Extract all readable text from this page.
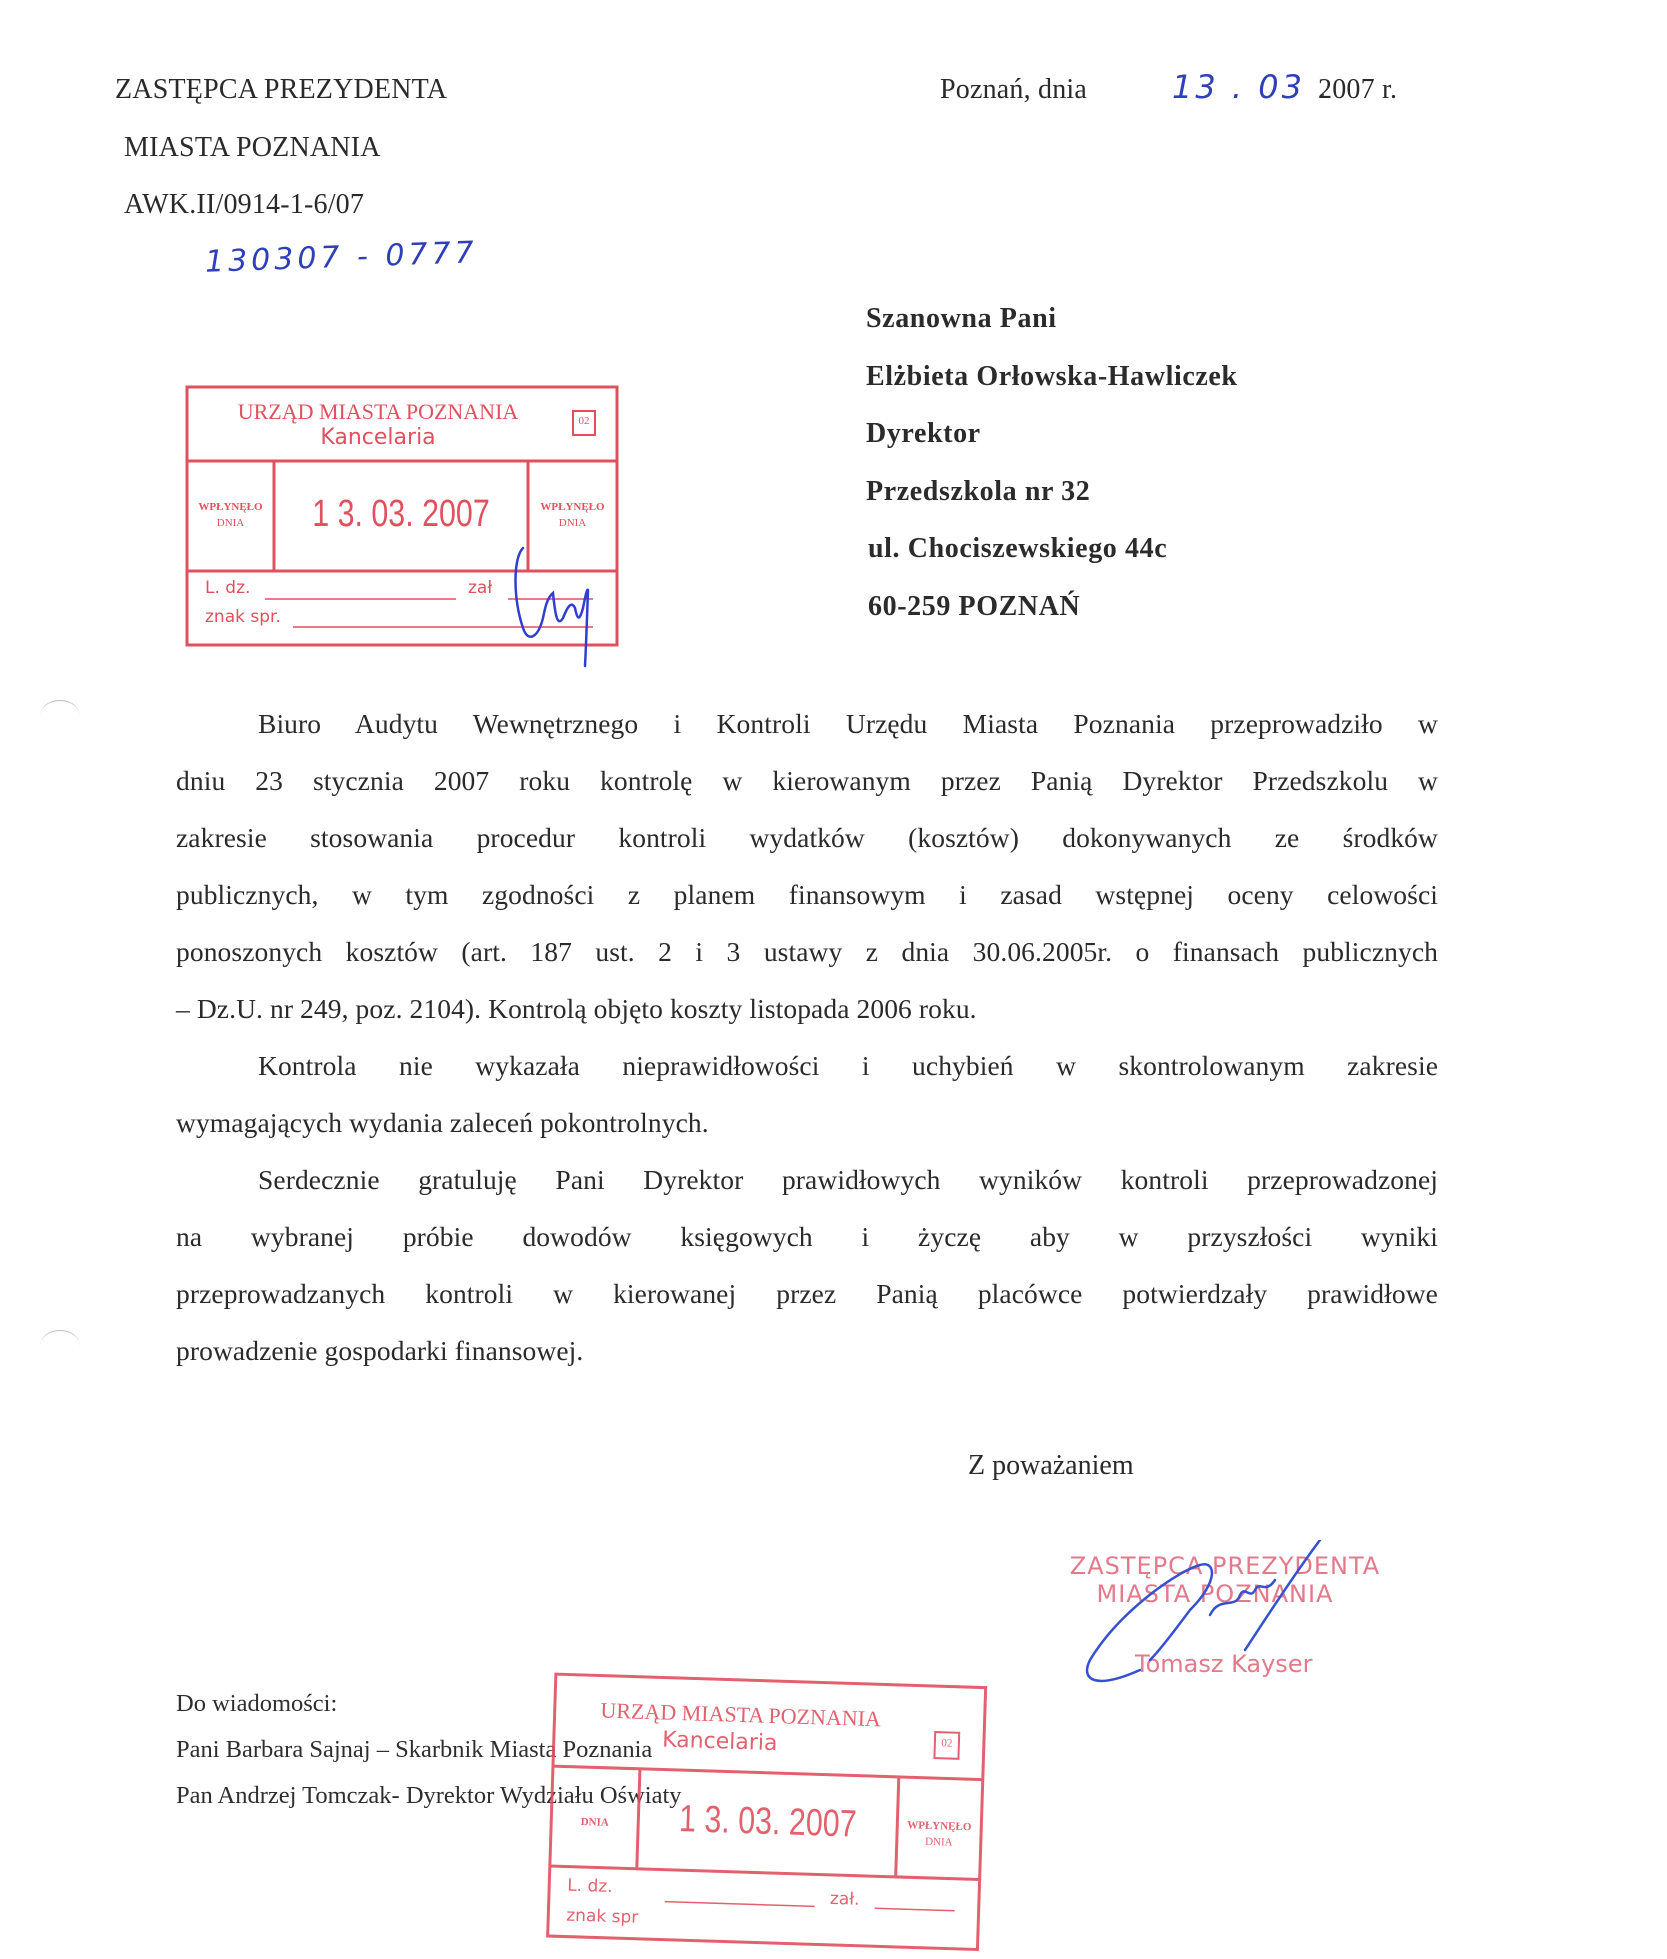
ZASTĘPCA PREZYDENTA
MIASTA POZNANIA
AWK.II/0914-1-6/07
130307 - 0777
Poznań, dnia	13 . 03 .
2007 r.
URZĄD MIASTA POZNANIA
Kancelaria
02
WPŁYNĘŁO
DNIA	1 3. 03. 2007	WPŁYNĘŁO
DNIA
L. dz.	zał
znak spr.
Szanowna Pani
Elżbieta Orłowska-Hawliczek
Dyrektor
Przedszkola nr 32
ul. Chociszewskiego 44c
60-259 POZNAŃ
Biuro Audytu Wewnętrznego i Kontroli Urzędu Miasta Poznania przeprowadziło w
dniu 23 stycznia 2007 roku kontrolę w kierowanym przez Panią Dyrektor Przedszkolu w
zakresie stosowania procedur kontroli wydatków (kosztów) dokonywanych ze środków
publicznych, w tym zgodności z planem finansowym i zasad wstępnej oceny celowości
ponoszonych kosztów (art. 187 ust. 2 i 3 ustawy z dnia 30.06.2005r. o finansach publicznych
– Dz.U. nr 249, poz. 2104). Kontrolą objęto koszty listopada 2006 roku.
Kontrola nie wykazała nieprawidłowości i uchybień w skontrolowanym zakresie
wymagających wydania zaleceń pokontrolnych.
Serdecznie gratuluję Pani Dyrektor prawidłowych wyników kontroli przeprowadzonej
na wybranej próbie dowodów księgowych i życzę aby w przyszłości wyniki
przeprowadzanych kontroli w kierowanej przez Panią placówce potwierdzały prawidłowe
prowadzenie gospodarki finansowej.
Z poważaniem
ZASTĘPCA PREZYDENTA
MIASTA POZNANIA
Tomasz Kayser
Do wiadomości:
Pani Barbara Sajnaj – Skarbnik Miasta Poznania
Pan Andrzej Tomczak- Dyrektor Wydziału Oświaty
URZĄD MIASTA POZNANIA
Kancelaria	02
DNIA	1 3. 03. 2007	WPŁYNĘŁO
DNIA
L. dz.
zał.
znak spr
